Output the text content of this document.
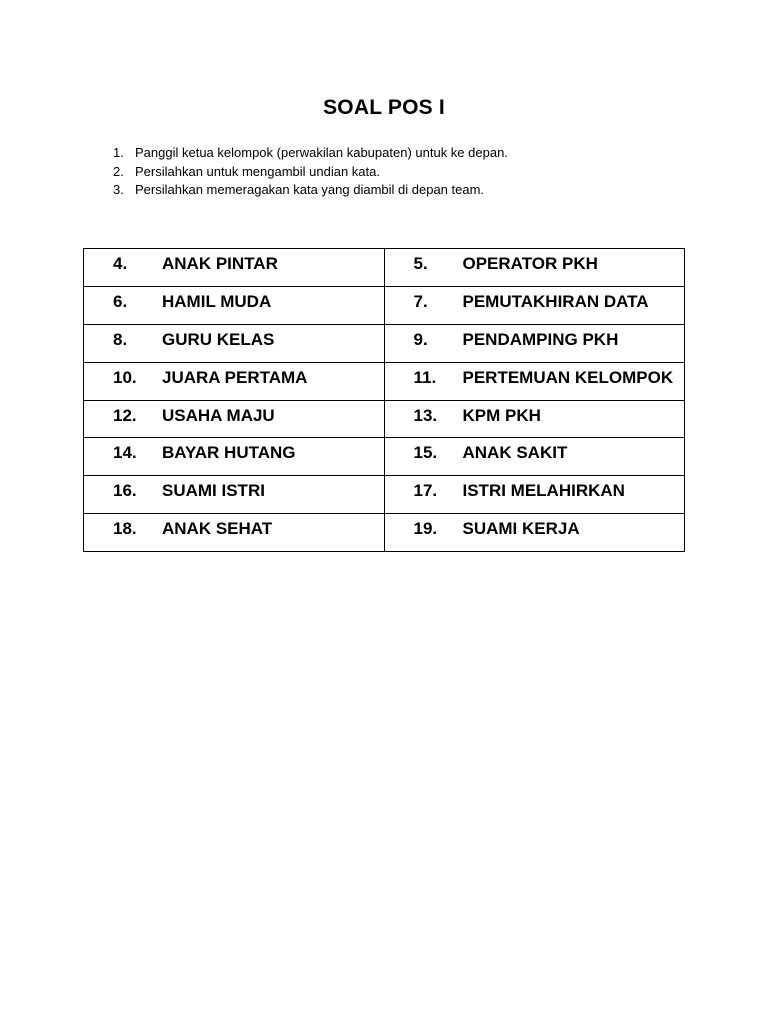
SOAL POS I
1. Panggil ketua kelompok (perwakilan kabupaten) untuk ke depan.
2. Persilahkan untuk mengambil undian kata.
3. Persilahkan memeragakan kata yang diambil di depan team.
4. ANAK PINTAR	5. OPERATOR PKH

6. HAMIL MUDA	7. PEMUTAKHIRAN DATA

8. GURU KELAS	9. PENDAMPING PKH

10. JUARA PERTAMA	11. PERTEMUAN KELOMPOK

12. USAHA MAJU	13. KPM PKH

14. BAYAR HUTANG	15. ANAK SAKIT

16. SUAMI ISTRI	17. ISTRI MELAHIRKAN

18. ANAK SEHAT	19. SUAMI KERJA
